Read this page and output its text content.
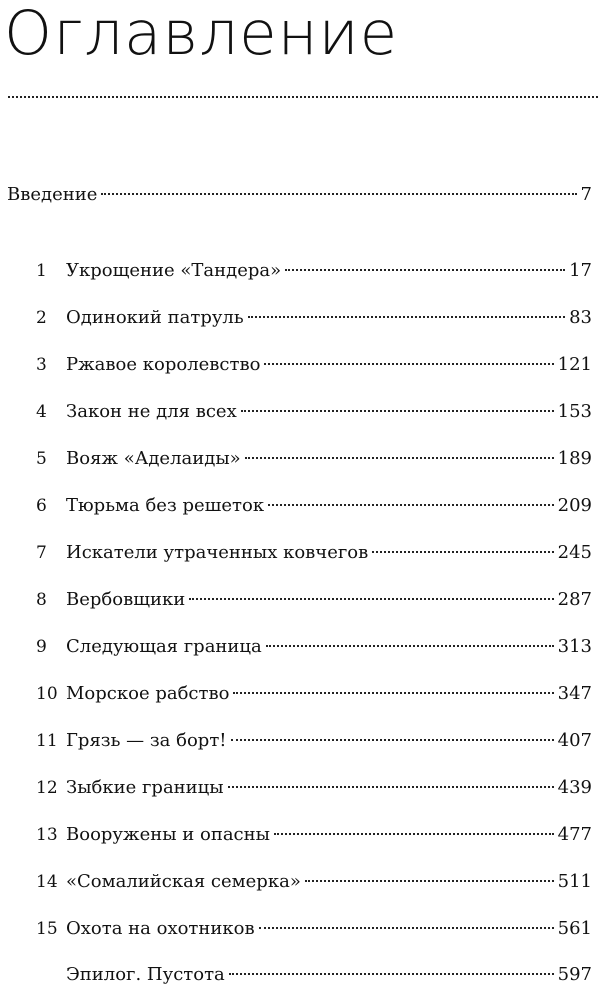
Оглавление
Введение	7
1	Укрощение «Тандера»	17
2	Одинокий патруль	83
3	Ржавое королевство	121
4	Закон не для всех	153
5	Вояж «Аделаиды»	189
6	Тюрьма без решеток	209
7	Искатели утраченных ковчегов	245
8	Вербовщики	287
9	Следующая граница	313
10 Морское рабство	347
11 Грязь — за борт!	407
12 Зыбкие границы	439
13 Вооружены и опасны	477
14 «Сомалийская семерка»	511
15 Охота на охотников	561
Эпилог. Пустота	597
